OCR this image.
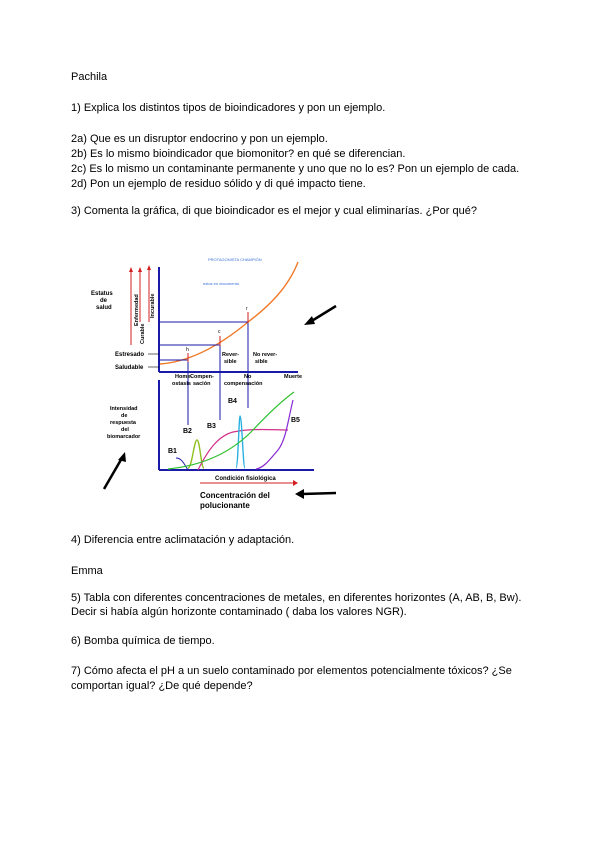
Pachila
1) Explica los distintos tipos de bioindicadores y pon un ejemplo.
2a) Que es un disruptor endocrino y pon un ejemplo.
2b) Es lo mismo bioindicador que biomonitor? en qué se diferencian.
2c) Es lo mismo un contaminante permanente y uno que no lo es? Pon un ejemplo de cada.
2d) Pon un ejemplo de residuo sólido y di qué impacto tiene.
3) Comenta la gráfica, di que bioindicador es el mejor y cual eliminarías. ¿Por qué?
PROTAGONISTA CHAMPIÓN
estos en documento
h
c
r
Enfermedad
Curable
Incurable
Estatus
de
salud
Estresado
Saludable
Rever-
sible
No rever-
sible
Home-
ostasis
Compen-
sación
No
compensación
Muerte
Intensidad
de
respuesta
del
biomarcador
B1
B2
B3
B4
B5
Condición fisiológica
Concentración del
polucionante
4) Diferencia entre aclimatación y adaptación.
Emma
5) Tabla con diferentes concentraciones de metales, en diferentes horizontes (A, AB, B, Bw).
Decir si había algún horizonte contaminado ( daba los valores NGR).
6) Bomba química de tiempo.
7) Cómo afecta el pH a un suelo contaminado por elementos potencialmente tóxicos? ¿Se
comportan igual? ¿De qué depende?
